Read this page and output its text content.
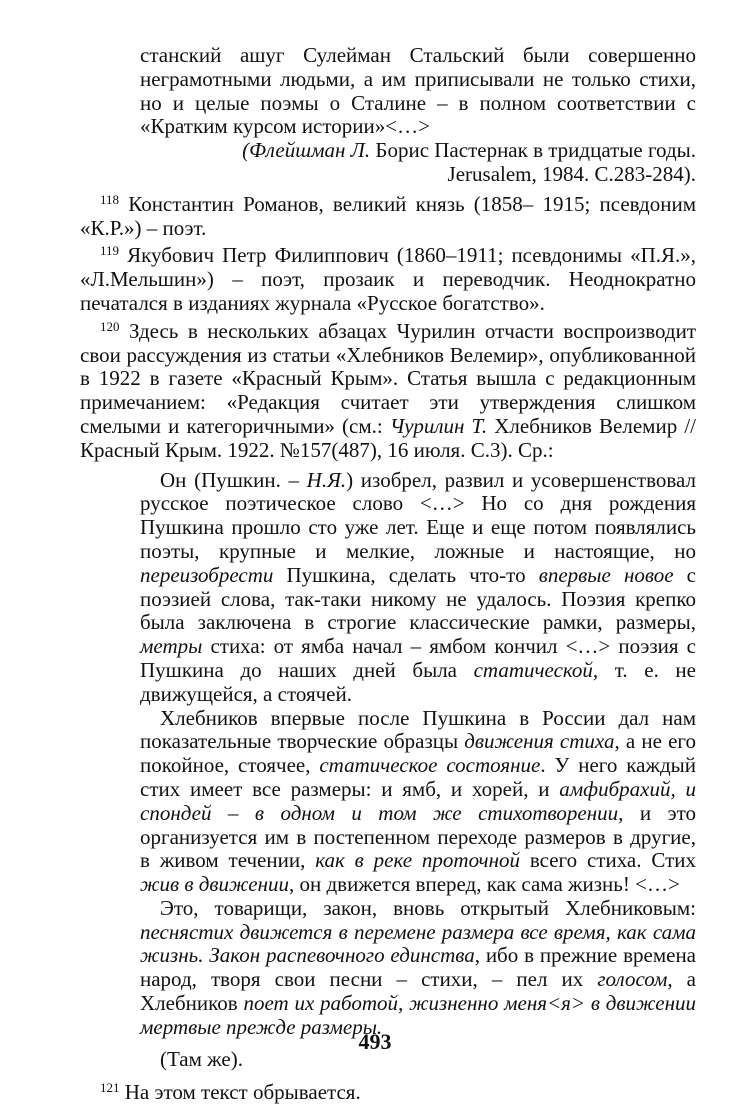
станский ашуг Сулейман Стальский были совершенно неграмотными людьми, а им приписывали не только стихи, но и целые поэмы о Сталине – в полном соответствии с «Кратким курсом истории»<…>

(Флейшман Л. Борис Пастернак в тридцатые годы.

Jerusalem, 1984. С.283-284).

$^{118}$ Константин Романов, великий князь (1858– 1915; псевдоним «К.Р.») – поэт.

$^{119}$ Якубович Петр Филиппович (1860–1911; псевдонимы «П.Я.», «Л.Мельшин») – поэт, прозаик и переводчик. Неоднократно печатался в изданиях журнала «Русское богатство».

$^{120}$ Здесь в нескольких абзацах Чурилин отчасти воспроизводит свои рассуждения из статьи «Хлебников Велемир», опубликованной в 1922 в газете «Красный Крым». Статья вышла с редакционным примечанием: «Редакция считает эти утверждения слишком смелыми и категоричными» (см.: Чурилин Т. Хлебников Велемир // Красный Крым. 1922. №157(487), 16 июля. С.3). Ср.:

Он (Пушкин. – Н.Я.) изобрел, развил и усовершенствовал русское поэтическое слово <…> Но со дня рождения Пушкина прошло сто уже лет. Еще и еще потом появлялись поэты, крупные и мелкие, ложные и настоящие, но переизобрести Пушкина, сделать что-то впервые новое с поэзией слова, так-таки никому не удалось. Поэзия крепко была заключена в строгие классические рамки, размеры, метры стиха: от ямба начал – ямбом кончил <…> поэзия с Пушкина до наших дней была статической, т. е. не движущейся, а стоячей.

Хлебников впервые после Пушкина в России дал нам показательные творческие образцы движения стиха, а не его покойное, стоячее, статическое состояние. У него каждый стих имеет все размеры: и ямб, и хорей, и амфибрахий, и спондей – в одном и том же стихотворении, и это организуется им в постепенном переходе размеров в другие, в живом течении, как в реке проточной всего стиха. Стих жив в движении, он движется вперед, как сама жизнь! <…>

Это, товарищи, закон, вновь открытый Хлебниковым: песнястих движется в перемене размера все время, как сама жизнь. Закон распевочного единства, ибо в прежние времена народ, творя свои песни – стихи, – пел их голосом, а Хлебников поет их работой, жизненно меня<я> в движении мертвые прежде размеры.

(Там же).

$^{121}$ На этом текст обрывается.

493
